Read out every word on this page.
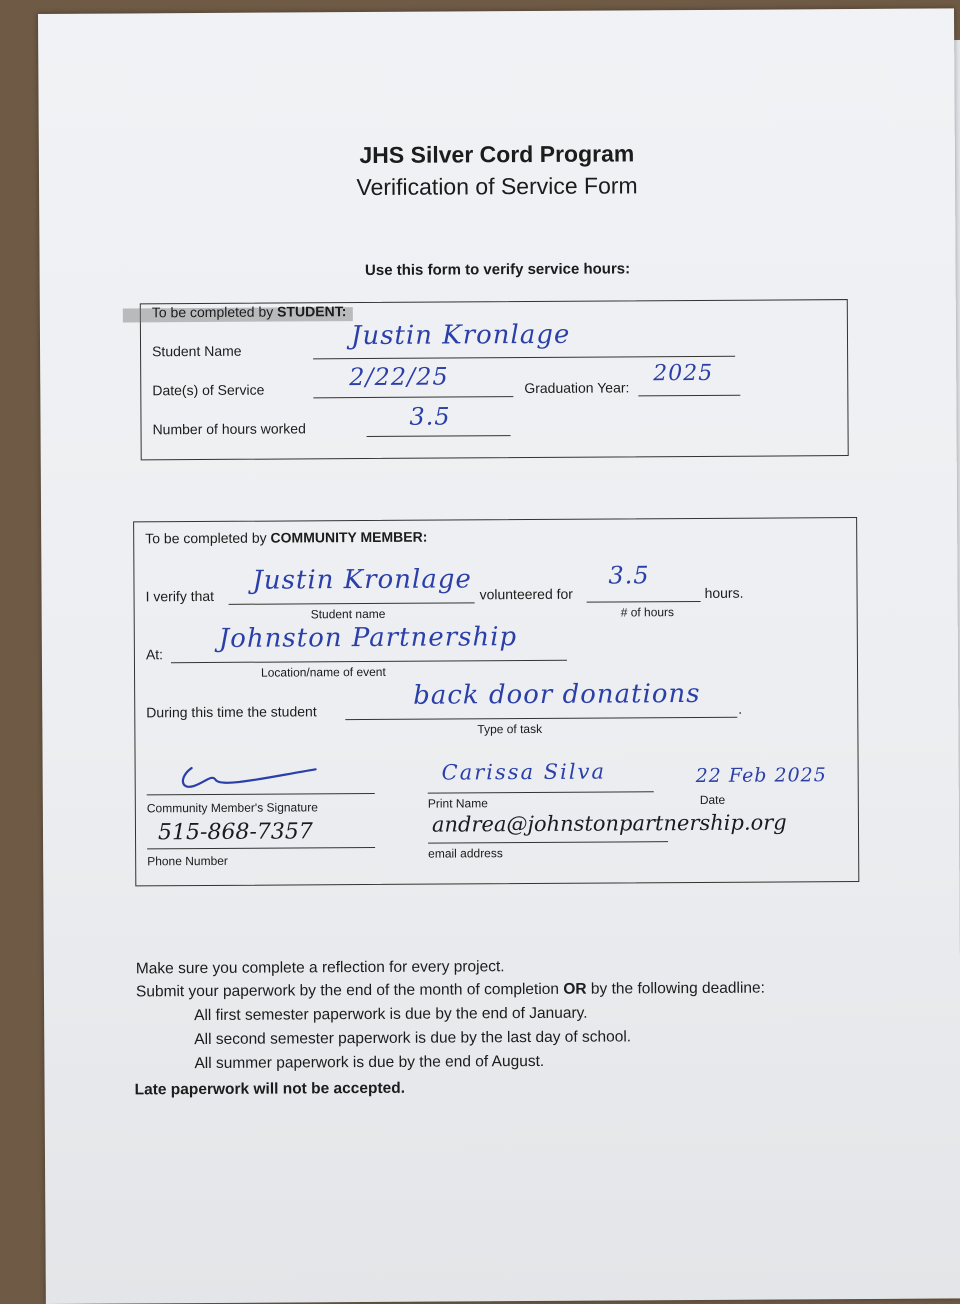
JHS Silver Cord Program
Verification of Service Form
Use this form to verify service hours:
To be completed by STUDENT:
Student Name	Justin Kronlage
Date(s) of Service	2/22/25	Graduation Year:
2025
Number of hours worked	3.5
To be completed by COMMUNITY MEMBER:
I verify that
Justin Kronlage
Student name
volunteered for
3.5
# of hours
hours.
At:
Johnston Partnership
Location/name of event
During this time the student
back door donations	.
Type of task
Community Member's Signature
Carissa Silva
Print Name
22 Feb 2025
Date
515-868-7357
Phone Number
andrea@johnstonpartnership.org
email address
Make sure you complete a reflection for every project.
Submit your paperwork by the end of the month of completion OR by the following deadline:
All first semester paperwork is due by the end of January.
All second semester paperwork is due by the last day of school.
All summer paperwork is due by the end of August.
Late paperwork will not be accepted.
